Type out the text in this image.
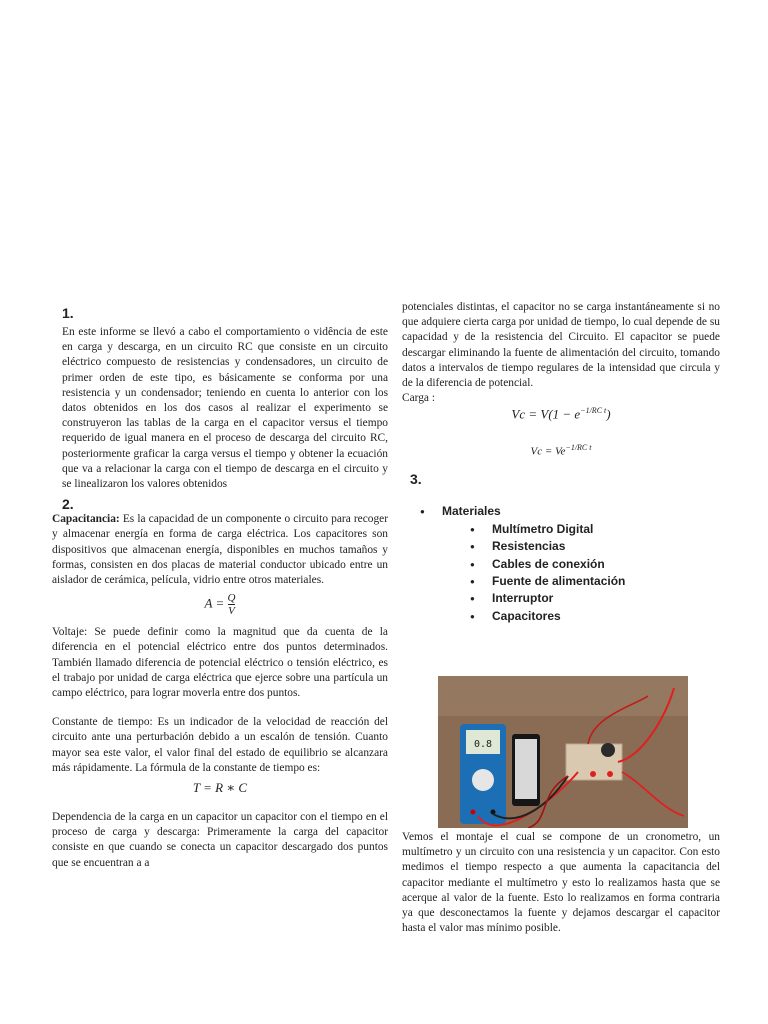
1.

En este informe se llevó a cabo el comportamiento o vidência de este en carga y descarga, en un circuito RC que consiste en un circuito eléctrico compuesto de resistencias y condensadores, un circuito de primer orden de este tipo, es básicamente se conforma por una resistencia y un condensador; teniendo en cuenta lo anterior con los datos obtenidos en los dos casos al realizar el experimento se construyeron las tablas de la carga en el capacitor versus el tiempo requerido de igual manera en el proceso de descarga del circuito RC, posteriormente graficar la carga versus el tiempo y obtener la ecuación que va a relacionar la carga con el tiempo de descarga en el circuito y se linealizaron los valores obtenidos

2.

Capacitancia: Es la capacidad de un componente o circuito para recoger y almacenar energía en forma de carga eléctrica. Los capacitores son dispositivos que almacenan energía, disponibles en muchos tamaños y formas, consisten en dos placas de material conductor ubicado entre un aislador de cerámica, película, vidrio entre otros materiales.

$A = \frac{Q}{V}$

Voltaje: Se puede definir como la magnitud que da cuenta de la diferencia en el potencial eléctrico entre dos puntos determinados. También llamado diferencia de potencial eléctrico o tensión eléctrico, es el trabajo por unidad de carga eléctrica que ejerce sobre una partícula un campo eléctrico, para lograr moverla entre dos puntos.

Constante de tiempo: Es un indicador de la velocidad de reacción del circuito ante una perturbación debido a un escalón de tensión. Cuanto mayor sea este valor, el valor final del estado de equilibrio se alcanzara más rápidamente. La fórmula de la constante de tiempo es:

T = R ∗ C

Dependencia de la carga en un capacitor un capacitor con el tiempo en el proceso de carga y descarga: Primeramente la carga del capacitor consiste en que cuando se conecta un capacitor descargado dos puntos que se encuentran a a

potenciales distintas, el capacitor no se carga instantáneamente si no que adquiere cierta carga por unidad de tiempo, lo cual depende de su capacidad y de la resistencia del Circuito. El capacitor se puede descargar eliminando la fuente de alimentación del circuito, tomando datos a intervalos de tiempo regulares de la intensidad que circula y de la diferencia de potencial.

Carga :

$Vc = V(1 - e^{-1/RC t})$
$Vc = Ve^{-1/RC t}$
3.
● Materiales
● Multímetro Digital
● Resistencias
● Cables de conexión
● Fuente de alimentación
● Interruptor
● Capacitores
0.8

Vemos el montaje el cual se compone de un cronometro, un multímetro y un circuito con una resistencia y un capacitor. Con esto medimos el tiempo respecto a que aumenta la capacitancia del capacitor mediante el multímetro y esto lo realizamos hasta que se acerque al valor de la fuente. Esto lo realizamos en forma contraria ya que desconectamos la fuente y dejamos descargar el capacitor hasta el valor mas mínimo posible.
